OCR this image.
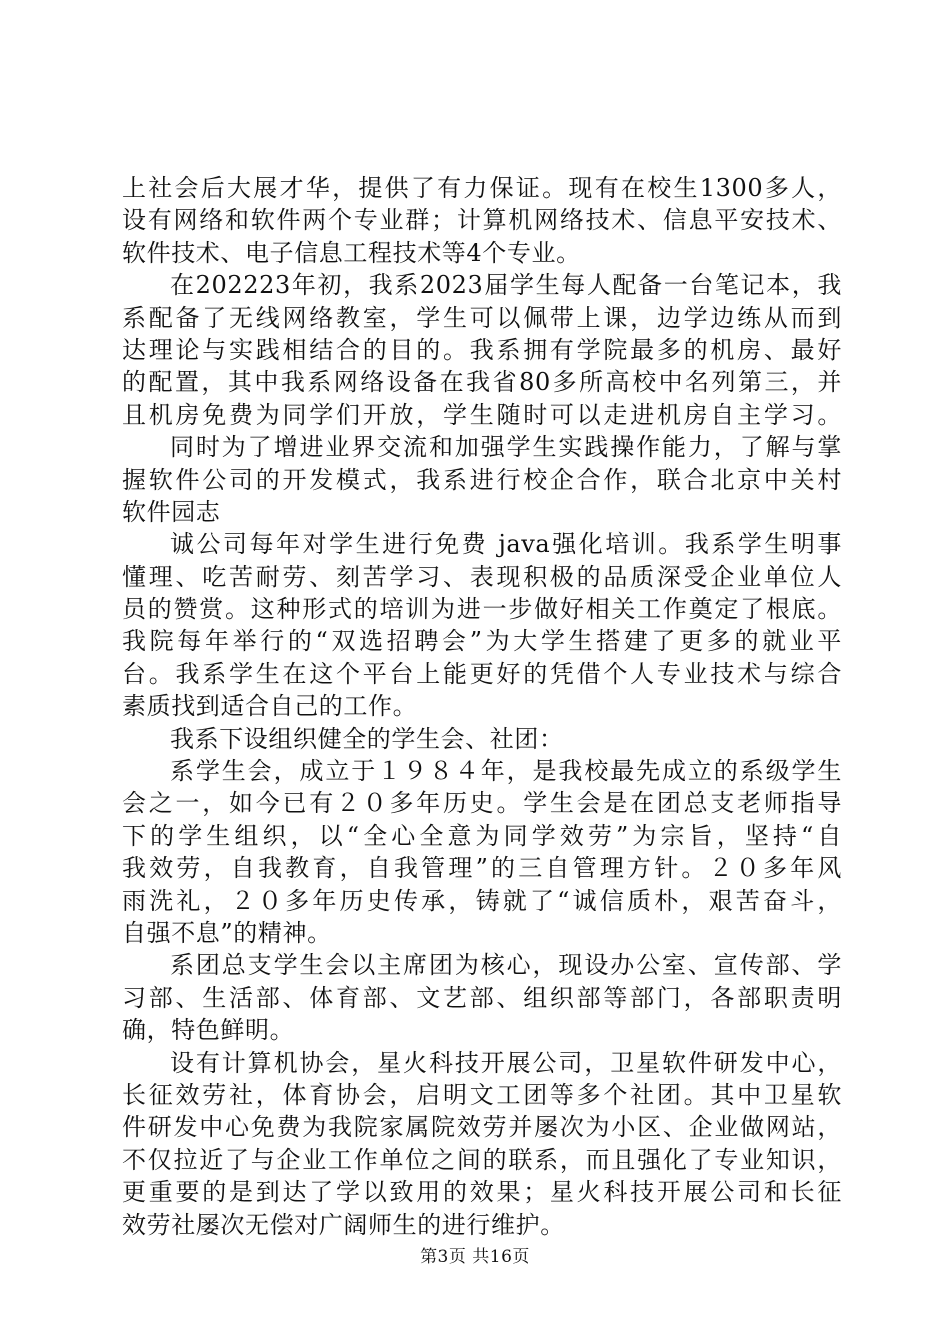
上社会后大展才华，提供了有力保证。现有在校生1300多人，
设有网络和软件两个专业群；计算机网络技术、信息平安技术、
软件技术、电子信息工程技术等4个专业。
在202223年初，我系2023届学生每人配备一台笔记本，我
系配备了无线网络教室，学生可以佩带上课，边学边练从而到
达理论与实践相结合的目的。我系拥有学院最多的机房、最好
的配置，其中我系网络设备在我省80多所高校中名列第三，并
且机房免费为同学们开放，学生随时可以走进机房自主学习。
同时为了增进业界交流和加强学生实践操作能力，了解与掌
握软件公司的开发模式，我系进行校企合作，联合北京中关村
软件园志
诚公司每年对学生进行免费 java强化培训。我系学生明事
懂理、吃苦耐劳、刻苦学习、表现积极的品质深受企业单位人
员的赞赏。这种形式的培训为进一步做好相关工作奠定了根底。
我院每年举行的“双选招聘会”为大学生搭建了更多的就业平
台。我系学生在这个平台上能更好的凭借个人专业技术与综合
素质找到适合自己的工作。
我系下设组织健全的学生会、社团：
系学生会，成立于１９８４年，是我校最先成立的系级学生
会之一，如今已有２０多年历史。学生会是在团总支老师指导
下的学生组织，以“全心全意为同学效劳”为宗旨，坚持“自
我效劳，自我教育，自我管理”的三自管理方针。２０多年风
雨洗礼，２０多年历史传承，铸就了“诚信质朴，艰苦奋斗，
自强不息”的精神。
系团总支学生会以主席团为核心，现设办公室、宣传部、学
习部、生活部、体育部、文艺部、组织部等部门，各部职责明
确，特色鲜明。
设有计算机协会，星火科技开展公司，卫星软件研发中心，
长征效劳社，体育协会，启明文工团等多个社团。其中卫星软
件研发中心免费为我院家属院效劳并屡次为小区、企业做网站，
不仅拉近了与企业工作单位之间的联系，而且强化了专业知识，
更重要的是到达了学以致用的效果；星火科技开展公司和长征
效劳社屡次无偿对广阔师生的进行维护。
第3页 共16页
